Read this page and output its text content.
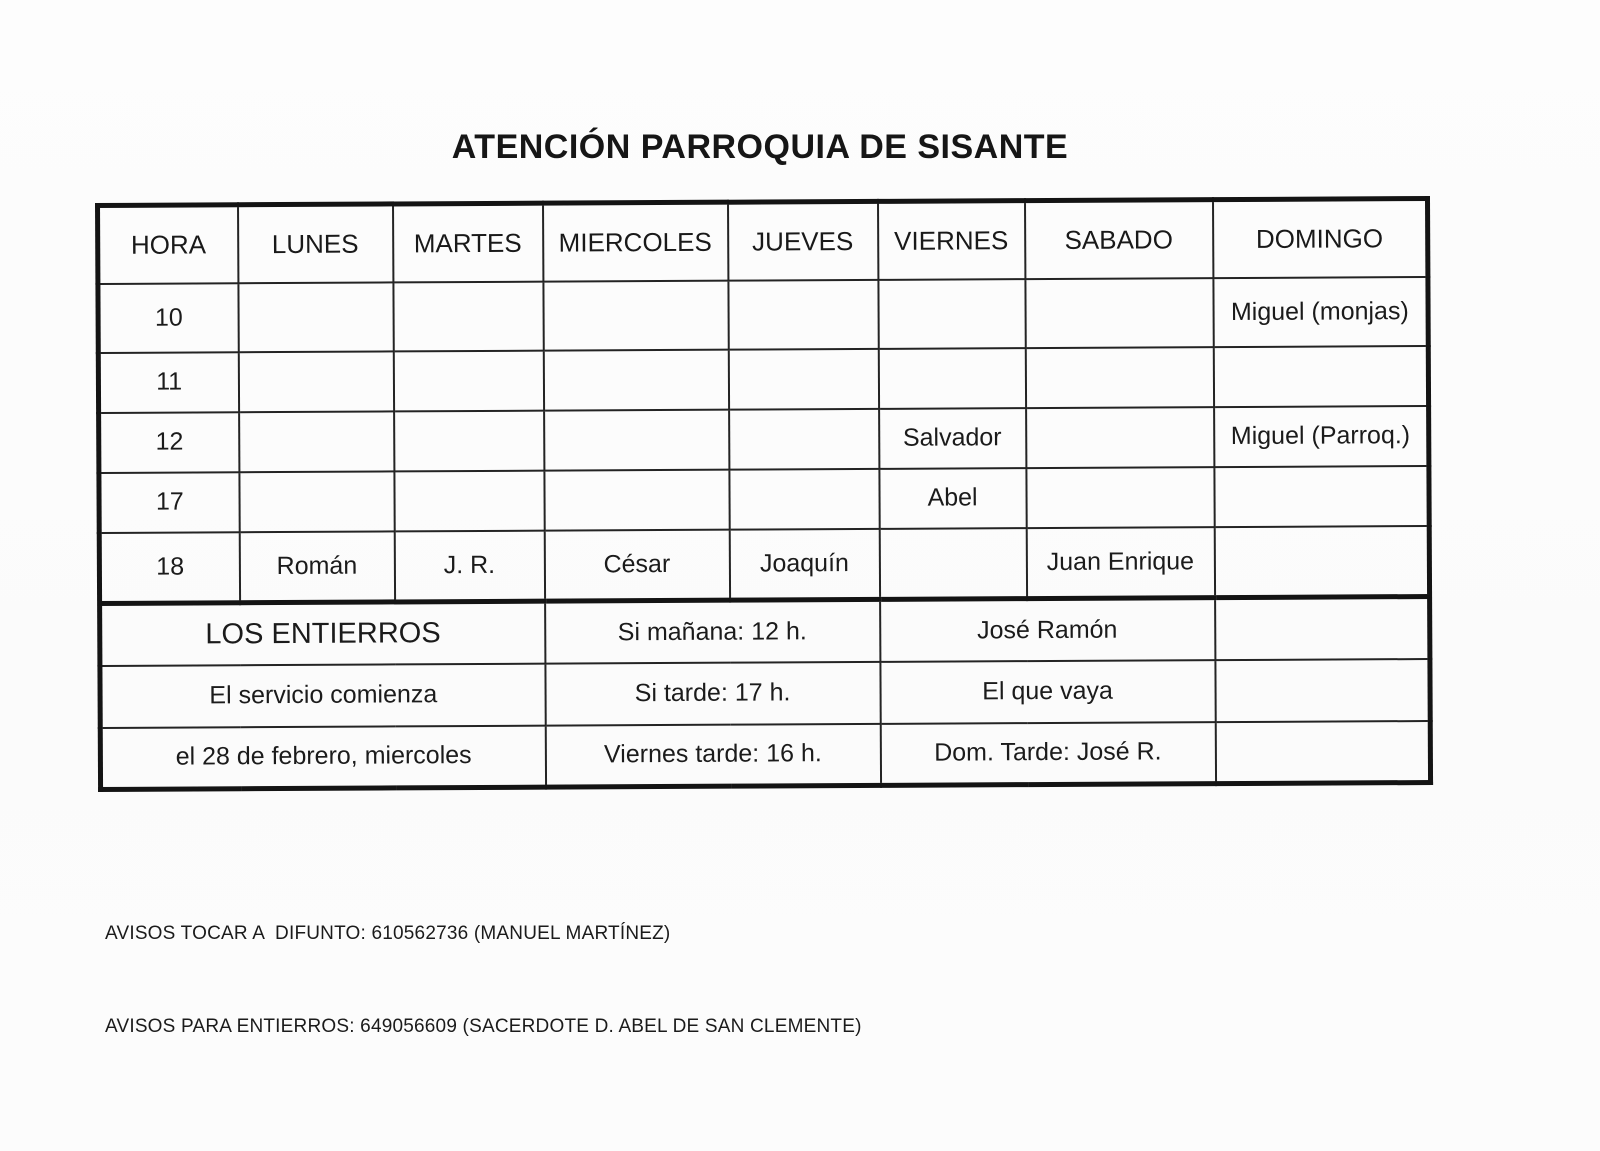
ATENCIÓN PARROQUIA DE SISANTE
HORA	LUNES	MARTES	MIERCOLES	JUEVES	VIERNES	SABADO	DOMINGO
10							Miguel (monjas)
11							
12					Salvador		Miguel (Parroq.)
17					Abel		
18	Román	J. R.	César	Joaquín		Juan Enrique	
LOS ENTIERROS			Si mañana: 12 h.		José Ramón		
El servicio comienza			Si tarde: 17 h.		El que vaya		
el 28 de febrero, miercoles			Viernes tarde: 16 h.		Dom. Tarde: José R.		

AVISOS TOCAR A  DIFUNTO: 610562736 (MANUEL MARTÍNEZ)

AVISOS PARA ENTIERROS: 649056609 (SACERDOTE D. ABEL DE SAN CLEMENTE)
